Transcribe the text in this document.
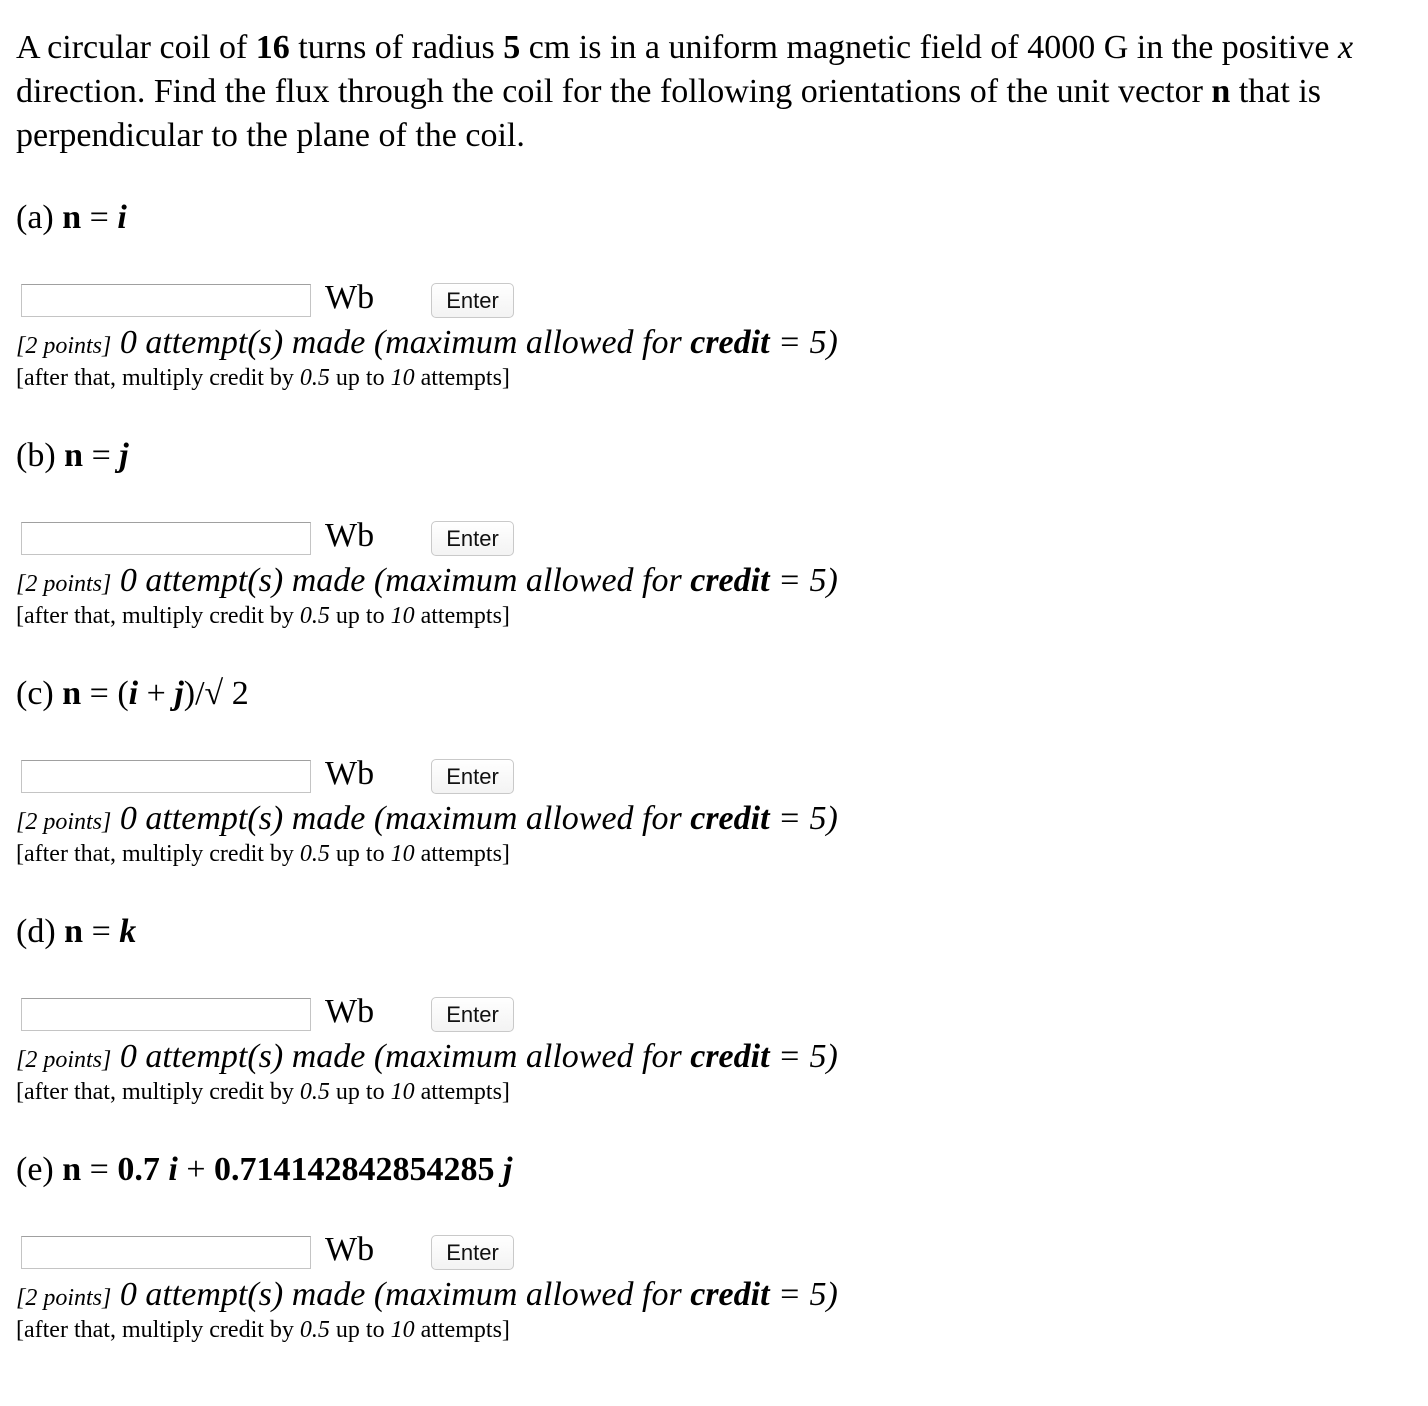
A circular coil of 16 turns of radius 5 cm is in a uniform magnetic field of 4000 G in the positive x direction. Find the flux through the coil for the following orientations of the unit vector n that is perpendicular to the plane of the coil.

(a) n = i
Wb	Enter
[2 points] 0 attempt(s) made (maximum allowed for credit = 5)
[after that, multiply credit by 0.5 up to 10 attempts]
(b) n = j
Wb	Enter
[2 points] 0 attempt(s) made (maximum allowed for credit = 5)
[after that, multiply credit by 0.5 up to 10 attempts]
(c) n = (i + j)/√ 2
Wb	Enter
[2 points] 0 attempt(s) made (maximum allowed for credit = 5)
[after that, multiply credit by 0.5 up to 10 attempts]
(d) n = k
Wb	Enter
[2 points] 0 attempt(s) made (maximum allowed for credit = 5)
[after that, multiply credit by 0.5 up to 10 attempts]
(e) n = 0.7 i + 0.714142842854285 j
Wb	Enter
[2 points] 0 attempt(s) made (maximum allowed for credit = 5)
[after that, multiply credit by 0.5 up to 10 attempts]
